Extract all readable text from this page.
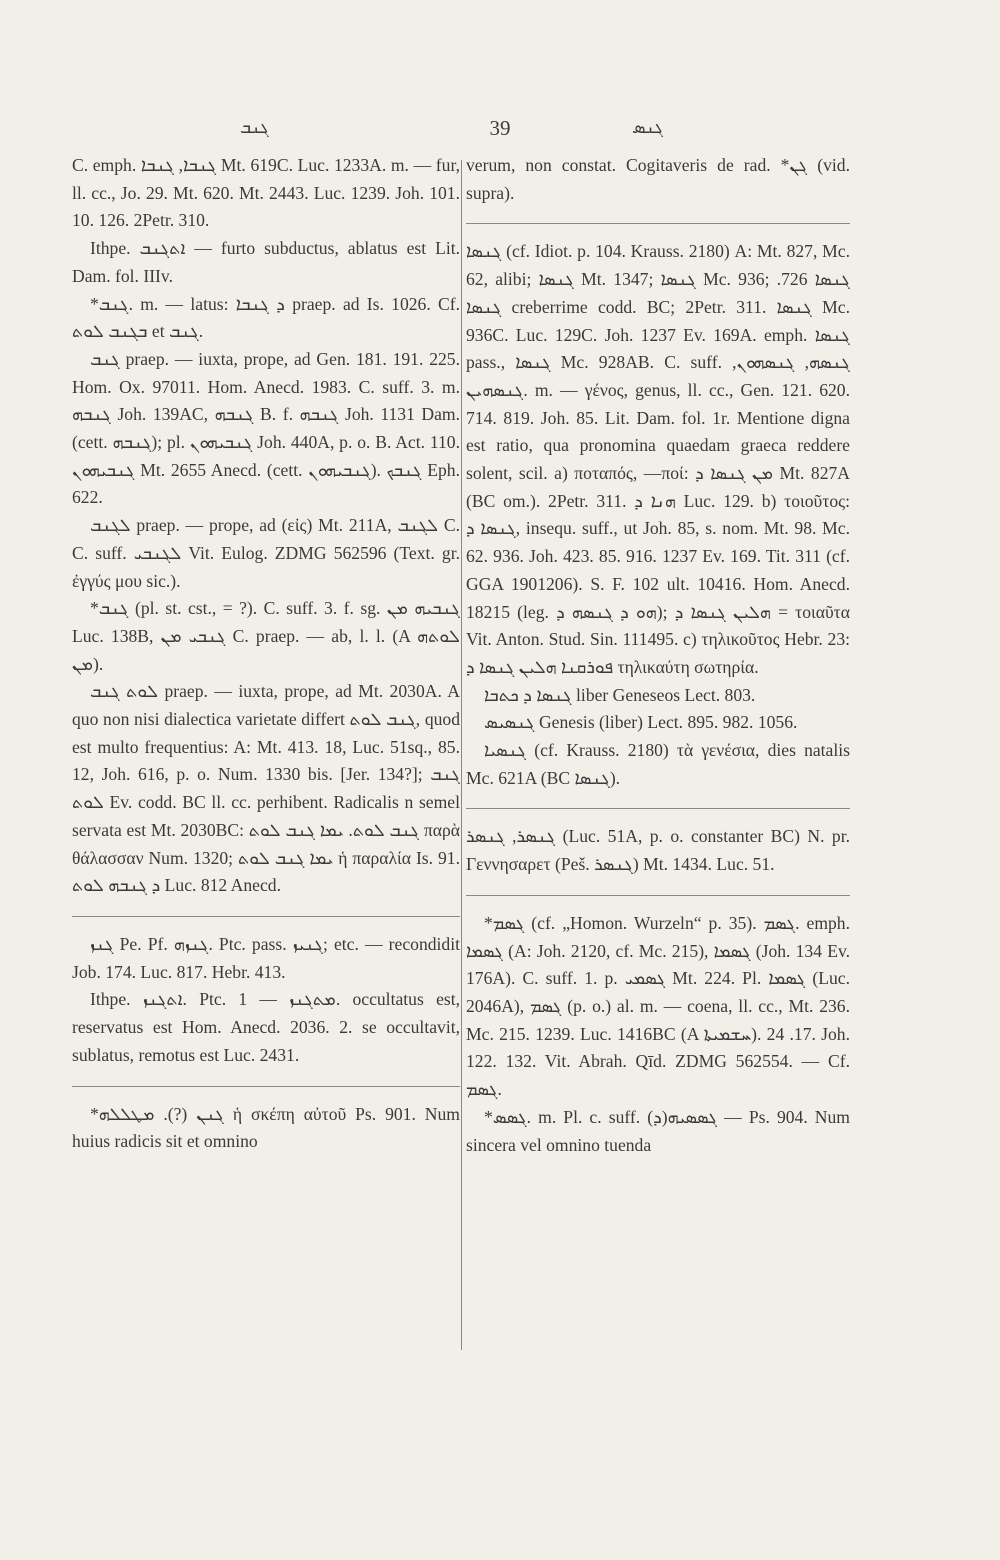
ܓܢܒ	39	ܓܢܣ

C. emph. ܓܢܒܐ, ܓܢܒܐ Mt. 619C. Luc. 1233A. m. — fur, ll. cc., Jo. 29. Mt. 620. Mt. 2443. Luc. 1239. Joh. 101. 10. 126. 2Petr. 310.

Ithpe. ܐܬܓܢܒ — furto subductus, ablatus est Lit. Dam. fol. IIIv.

*ܓܢܒ. m. — latus: ܕ ܓܢܒܐ praep. ad Is. 1026. Cf. ܒܓܢܒ ܠܘܬ et ܓܢܒ.

ܓܢܒ praep. — iuxta, prope, ad Gen. 181. 191. 225. Hom. Ox. 97011. Hom. Anecd. 1983. C. suff. 3. m. ܓܢܒܗ Joh. 139AC, ܓܢܒܗ B. f. ܓܢܒܗ Joh. 1131 Dam. (cett. ܓܢܒܗ); pl. ܓܢܒܝܗܘܢ Joh. 440A, p. o. B. Act. 110. ܓܢܒܝܗܘܢ Mt. 2655 Anecd. (cett. ܓܢܒܝܗܘܢ). ܓܢܒܟ Eph. 622.

ܠܓܢܒ praep. — prope, ad (εἰς) Mt. 211A, ܠܓܢܒ C. C. suff. ܠܓܢܒܝ Vit. Eulog. ZDMG 562596 (Text. gr. ἐγγύς μου sic.).

*ܓܢܒ (pl. st. cst., = ?). C. suff. 3. f. sg. ܓܢܒܝܗ ܡܢ Luc. 138B, ܓܢܒܝ ܡܢ C. praep. — ab, l. l. (A ܠܘܬܗ ܡܢ).

ܠܘܬ ܓܢܒ praep. — iuxta, prope, ad Mt. 2030A. A quo non nisi dialectica varietate differt ܓܢܒ ܠܘܬ, quod est multo frequentius: A: Mt. 413. 18, Luc. 51sq., 85. 12, Joh. 616, p. o. Num. 1330 bis. [Jer. 134?]; ܓܢܒ ܠܘܬ Ev. codd. BC ll. cc. perhibent. Radicalis n semel servata est Mt. 2030BC: ܓܢܒ ܠܘܬ. ܝܡܐ ܓܢܒ ܠܘܬ παρὰ θάλασσαν Num. 1320; ܝܡܐ ܓܢܒ ܠܘܬ ἡ παραλία Is. 91. ܕ ܓܢܒܗ ܠܘܬ Luc. 812 Anecd.

ܓܢܙ Pe. Pf. ܓܢܙܗ. Ptc. pass. ܓܢܝܙ; etc. — recondidit Job. 174. Luc. 817. Hebr. 413.

Ithpe. ܐܬܓܢܙ. Ptc. ܡܬܓܢܙ — 1. occultatus est, reservatus est Hom. Anecd. 2036. 2. se occultavit, sublatus, remotus est Luc. 2431.

*ܓܢܢ (?). ܡܛܠܠܗ ἡ σκέπη αὐτοῦ Ps. 901. Num huius radicis sit et omnino

verum, non constat. Cogitaveris de rad. *ܓܢ (vid. supra).

ܓܢܣܐ (cf. Idiot. p. 104. Krauss. 2180) A: Mt. 827, Mc. 62, alibi; ܓܢܣܐ Mt. 1347; ܓܢܣܐ Mc. 936; ܓܢܣܐ 726. ܓܢܣܐ creberrime codd. BC; 2Petr. 311. ܓܢܣܐ Mc. 936C. Luc. 129C. Joh. 1237 Ev. 169A. emph. ܓܢܣܐ pass., ܓܢܣܐ Mc. 928AB. C. suff. ܓܢܣܗ, ܓܢܣܗܘܢ, ܓܢܣܗܝܢ. m. — γένος, genus, ll. cc., Gen. 121. 620. 714. 819. Joh. 85. Lit. Dam. fol. 1r. Mentione digna est ratio, qua pronomina quaedam graeca reddere solent, scil. a) ποταπός, —ποί: ܡܢ ܓܢܣܐ ܕ Mt. 827A (BC om.). 2Petr. 311. ܗܢܐ ܕ Luc. 129. b) τοιοῦτος: ܓܢܣܐ ܕ, insequ. suff., ut Joh. 85, s. nom. Mt. 98. Mc. 62. 936. Joh. 423. 85. 916. 1237 Ev. 169. Tit. 311 (cf. GGA 1901206). S. F. 102 ult. 10416. Hom. Anecd. 18215 (leg. ܗܘ ܕ ܓܢܣܗ ܕ); ܗܠܝܢ ܓܢܣܐ ܕ = τοιαῦτα Vit. Anton. Stud. Sin. 111495. c) τηλικοῦτος Hebr. 23: ܦܘܪܩܢܐ ܗܠܝܢ ܓܢܣܐ ܕ τηλικαύτη σωτηρία.

ܓܢܣܐ ܕ ܟܬܒܐ liber Geneseos Lect. 803.

ܓܢܣܝܣ Genesis (liber) Lect. 895. 982. 1056.

ܓܢܣܝܐ (cf. Krauss. 2180) τὰ γενέσια, dies natalis Mc. 621A (BC ܓܢܣܐ).

ܓܢܣܪ, ܓܢܣܪ (Luc. 51A, p. o. constanter BC) N. pr. Γεννησαρετ (Peš. ܓܢܣܪ) Mt. 1434. Luc. 51.

*ܓܣܡ (cf. „Homon. Wurzeln“ p. 35). ܓܣܡ. emph. ܓܣܡܐ (A: Joh. 2120, cf. Mc. 215), ܓܣܡܐ (Joh. 134 Ev. 176A). C. suff. 1. p. ܓܣܡܝ Mt. 224. Pl. ܓܣܡܐ (Luc. 2046A), ܓܣܡ (p. o.) al. m. — coena, ll. cc., Mt. 236. Mc. 215. 1239. Luc. 1416BC (A ܚܫܡܝܬܐ). 17. 24. Joh. 122. 132. Vit. Abrah. Qīd. ZDMG 562554. — Cf. ܓܣܡ.

*ܓܣܣ. m. Pl. c. suff. ܓܣܣܝܗ(ܕ) — Ps. 904. Num sincera vel omnino tuenda
